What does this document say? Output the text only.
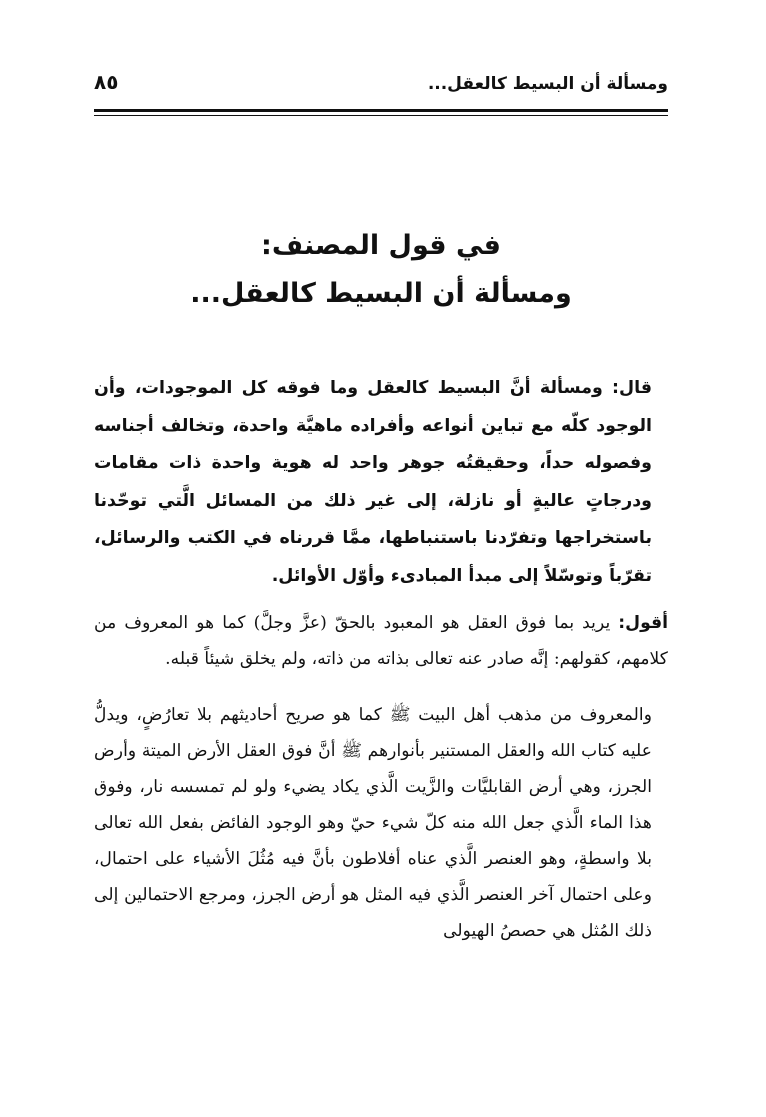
ومسألة أن البسيط كالعقل...
٨٥
في قول المصنف:
ومسألة أن البسيط كالعقل...

قال: ومسألة أنَّ البسيط كالعقل وما فوقه كل الموجودات، وأن الوجود كلّه مع تباين أنواعه وأفراده ماهيَّة واحدة، وتخالف أجناسه وفصوله حداً، وحقيقتُه جوهر واحد له هوية واحدة ذات مقامات ودرجاتٍ عاليةٍ أو نازلة، إلى غير ذلك من المسائل الَّتي توحّدنا باستخراجها وتفرّدنا باستنباطها، ممَّا قررناه في الكتب والرسائل، تقرّباً وتوسّلاً إلى مبدأ المبادىء وأوّل الأوائل.

أقول: يريد بما فوق العقل هو المعبود بالحقّ (عزَّ وجلَّ) كما هو المعروف من كلامهم، كقولهم: إنَّه صادر عنه تعالى بذاته من ذاته، ولم يخلق شيئاً قبله.

والمعروف من مذهب أهل البيت ﷺ كما هو صريح أحاديثهم بلا تعارُضٍ، ويدلُّ عليه كتاب الله والعقل المستنير بأنوارهم ﷺ أنَّ فوق العقل الأرض الميتة وأرض الجرز، وهي أرض القابليَّات والزَّيت الَّذي يكاد يضيء ولو لم تمسسه نار، وفوق هذا الماء الَّذي جعل الله منه كلّ شيء حيّ وهو الوجود الفائض بفعل الله تعالى بلا واسطةٍ، وهو العنصر الَّذي عناه أفلاطون بأنَّ فيه مُثُلَ الأشياء على احتمال، وعلى احتمال آخر العنصر الَّذي فيه المثل هو أرض الجرز، ومرجع الاحتمالين إلى ذلك المُثل هي حصصُ الهيولى
